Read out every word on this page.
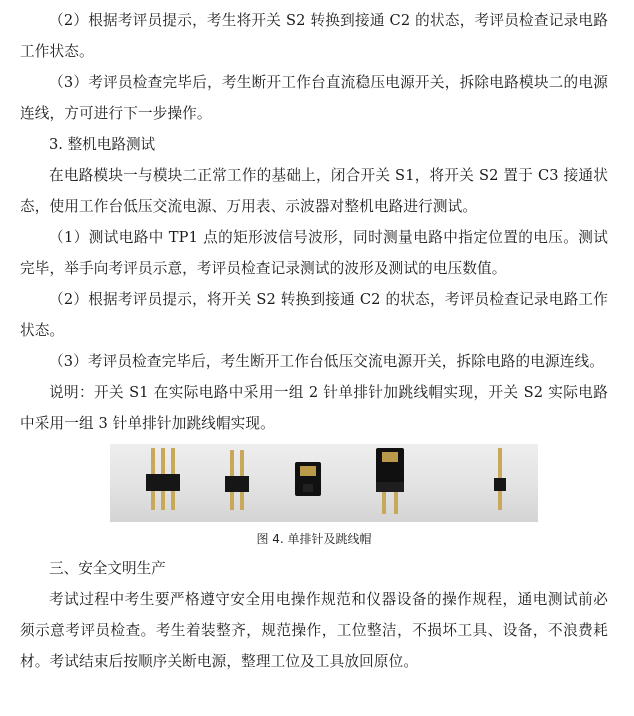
（2）根据考评员提示，考生将开关 S2 转换到接通 C2 的状态，考评员检查记录电路工作状态。

（3）考评员检查完毕后，考生断开工作台直流稳压电源开关，拆除电路模块二的电源连线，方可进行下一步操作。

3. 整机电路测试

在电路模块一与模块二正常工作的基础上，闭合开关 S1，将开关 S2 置于 C3 接通状态，使用工作台低压交流电源、万用表、示波器对整机电路进行测试。

（1）测试电路中 TP1 点的矩形波信号波形，同时测量电路中指定位置的电压。测试完毕，举手向考评员示意，考评员检查记录测试的波形及测试的电压数值。

（2）根据考评员提示，将开关 S2 转换到接通 C2 的状态，考评员检查记录电路工作状态。

（3）考评员检查完毕后，考生断开工作台低压交流电源开关，拆除电路的电源连线。

说明：开关 S1 在实际电路中采用一组 2 针单排针加跳线帽实现，开关 S2 实际电路中采用一组 3 针单排针加跳线帽实现。

图 4. 单排针及跳线帽

三、安全文明生产

考试过程中考生要严格遵守安全用电操作规范和仪器设备的操作规程，通电测试前必须示意考评员检查。考生着装整齐，规范操作，工位整洁，不损坏工具、设备，不浪费耗材。考试结束后按顺序关断电源，整理工位及工具放回原位。
